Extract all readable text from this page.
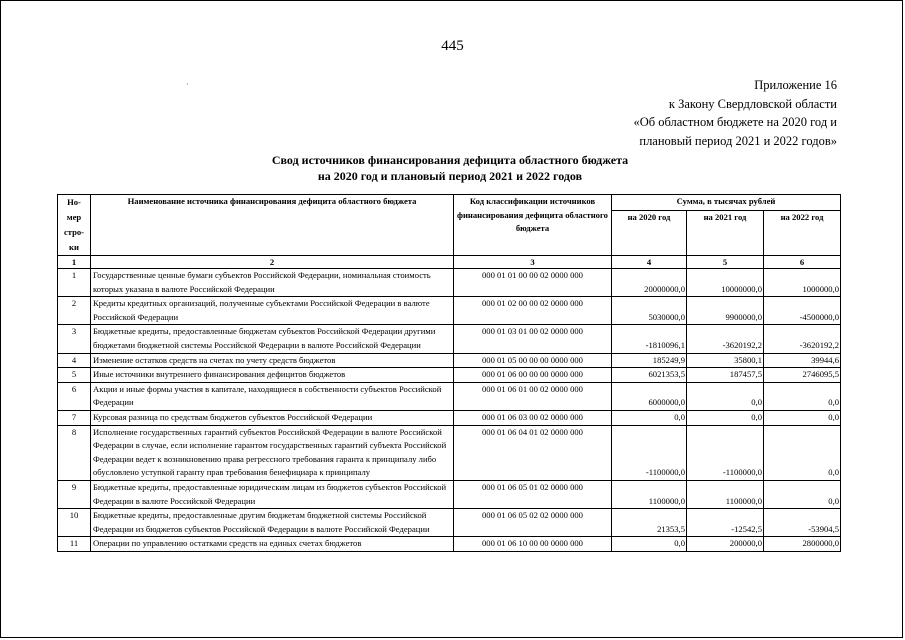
445
·	Приложение 16
к Закону Свердловской области
«Об областном бюджете на 2020 год и
плановый период 2021 и 2022 годов»
Свод источников финансирования дефицита областного бюджета
на 2020 год и плановый период 2021 и 2022 годов
Но-
мер
стро-
ки	Наименование источника финансирования дефицита областного бюджета	Код классификации источников финансирования дефицита областного бюджета	Сумма, в тысячах рублей		
			на 2020 год	на 2021 год	на 2022 год
1	2	3	4	5	6
1	Государственные ценные бумаги субъектов Российской Федерации, номинальная стоимость которых указана в валюте Российской Федерации	000 01 01 00 00 02 0000 000	20000000,0	10000000,0	1000000,0
2	Кредиты кредитных организаций, полученные субъектами Российской Федерации в валюте Российской Федерации	000 01 02 00 00 02 0000 000	5030000,0	9900000,0	-4500000,0
3	Бюджетные кредиты, предоставленные бюджетам субъектов Российской Федерации другими бюджетами бюджетной системы Российской Федерации в валюте Российской Федерации	000 01 03 01 00 02 0000 000	-1810096,1	-3620192,2	-3620192,2
4	Изменение остатков средств на счетах по учету средств бюджетов	000 01 05 00 00 00 0000 000	185249,9	35800,1	39944,6
5	Иные источники внутреннего финансирования дефицитов бюджетов	000 01 06 00 00 00 0000 000	6021353,5	187457,5	2746095,5
6	Акции и иные формы участия в капитале, находящиеся в собственности субъектов Российской Федерации	000 01 06 01 00 02 0000 000	6000000,0	0,0	0,0
7	Курсовая разница по средствам бюджетов субъектов Российской Федерации	000 01 06 03 00 02 0000 000	0,0	0,0	0,0
8	Исполнение государственных гарантий субъектов Российской Федерации в валюте Российской Федерации в случае, если исполнение гарантом государственных гарантий субъекта Российской Федерации ведет к возникновению права регрессного требования гаранта к принципалу либо обусловлено уступкой гаранту прав требования бенефициара к принципалу	000 01 06 04 01 02 0000 000	-1100000,0	-1100000,0	0,0
9	Бюджетные кредиты, предоставленные юридическим лицам из бюджетов субъектов Российской Федерации в валюте Российской Федерации	000 01 06 05 01 02 0000 000	1100000,0	1100000,0	0,0
10	Бюджетные кредиты, предоставленные другим бюджетам бюджетной системы Российской Федерации из бюджетов субъектов Российской Федерации в валюте Российской Федерации	000 01 06 05 02 02 0000 000	21353,5	-12542,5	-53904,5
11	Операции по управлению остатками средств на единых счетах бюджетов	000 01 06 10 00 00 0000 000	0,0	200000,0	2800000,0
